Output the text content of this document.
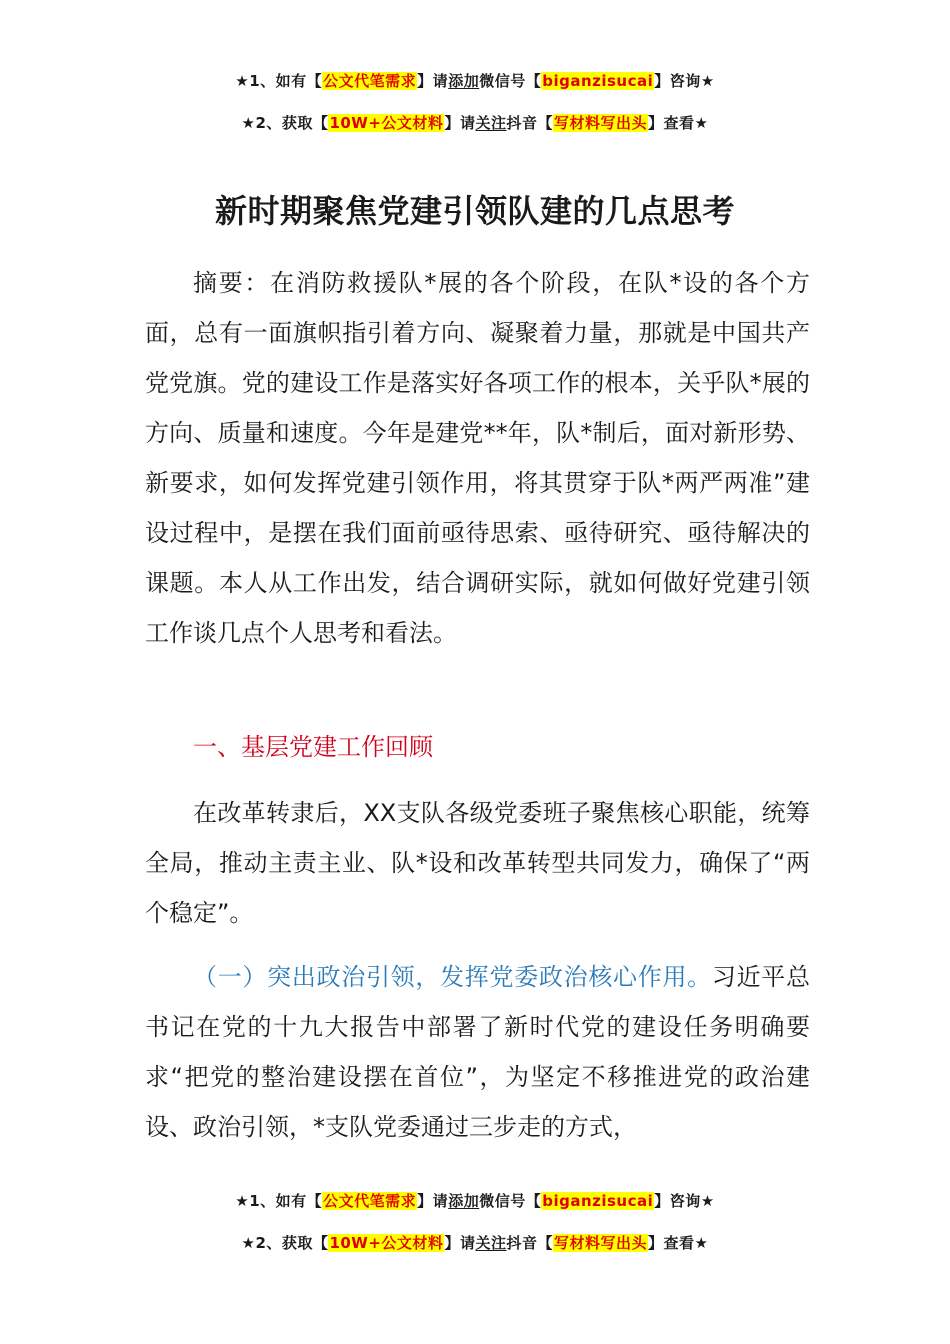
★1、如有【公文代笔需求】请添加微信号【biganzisucai】咨询★
★2、获取【10W+公文材料】请关注抖音【写材料写出头】查看★
新时期聚焦党建引领队建的几点思考

摘要：在消防救援队*展的各个阶段，在队*设的各个方面，总有一面旗帜指引着方向、凝聚着力量，那就是中国共产党党旗。党的建设工作是落实好各项工作的根本，关乎队*展的方向、质量和速度。今年是建党**年，队*制后，面对新形势、新要求，如何发挥党建引领作用，将其贯穿于队*两严两准”建设过程中，是摆在我们面前亟待思索、亟待研究、亟待解决的课题。本人从工作出发，结合调研实际，就如何做好党建引领工作谈几点个人思考和看法。

一、基层党建工作回顾

在改革转隶后，XX支队各级党委班子聚焦核心职能，统筹全局，推动主责主业、队*设和改革转型共同发力，确保了“两个稳定”。

（一）突出政治引领，发挥党委政治核心作用。习近平总书记在党的十九大报告中部署了新时代党的建设任务明确要求“把党的整治建设摆在首位”，为坚定不移推进党的政治建设、政治引领，*支队党委通过三步走的方式，

★1、如有【公文代笔需求】请添加微信号【biganzisucai】咨询★
★2、获取【10W+公文材料】请关注抖音【写材料写出头】查看★
